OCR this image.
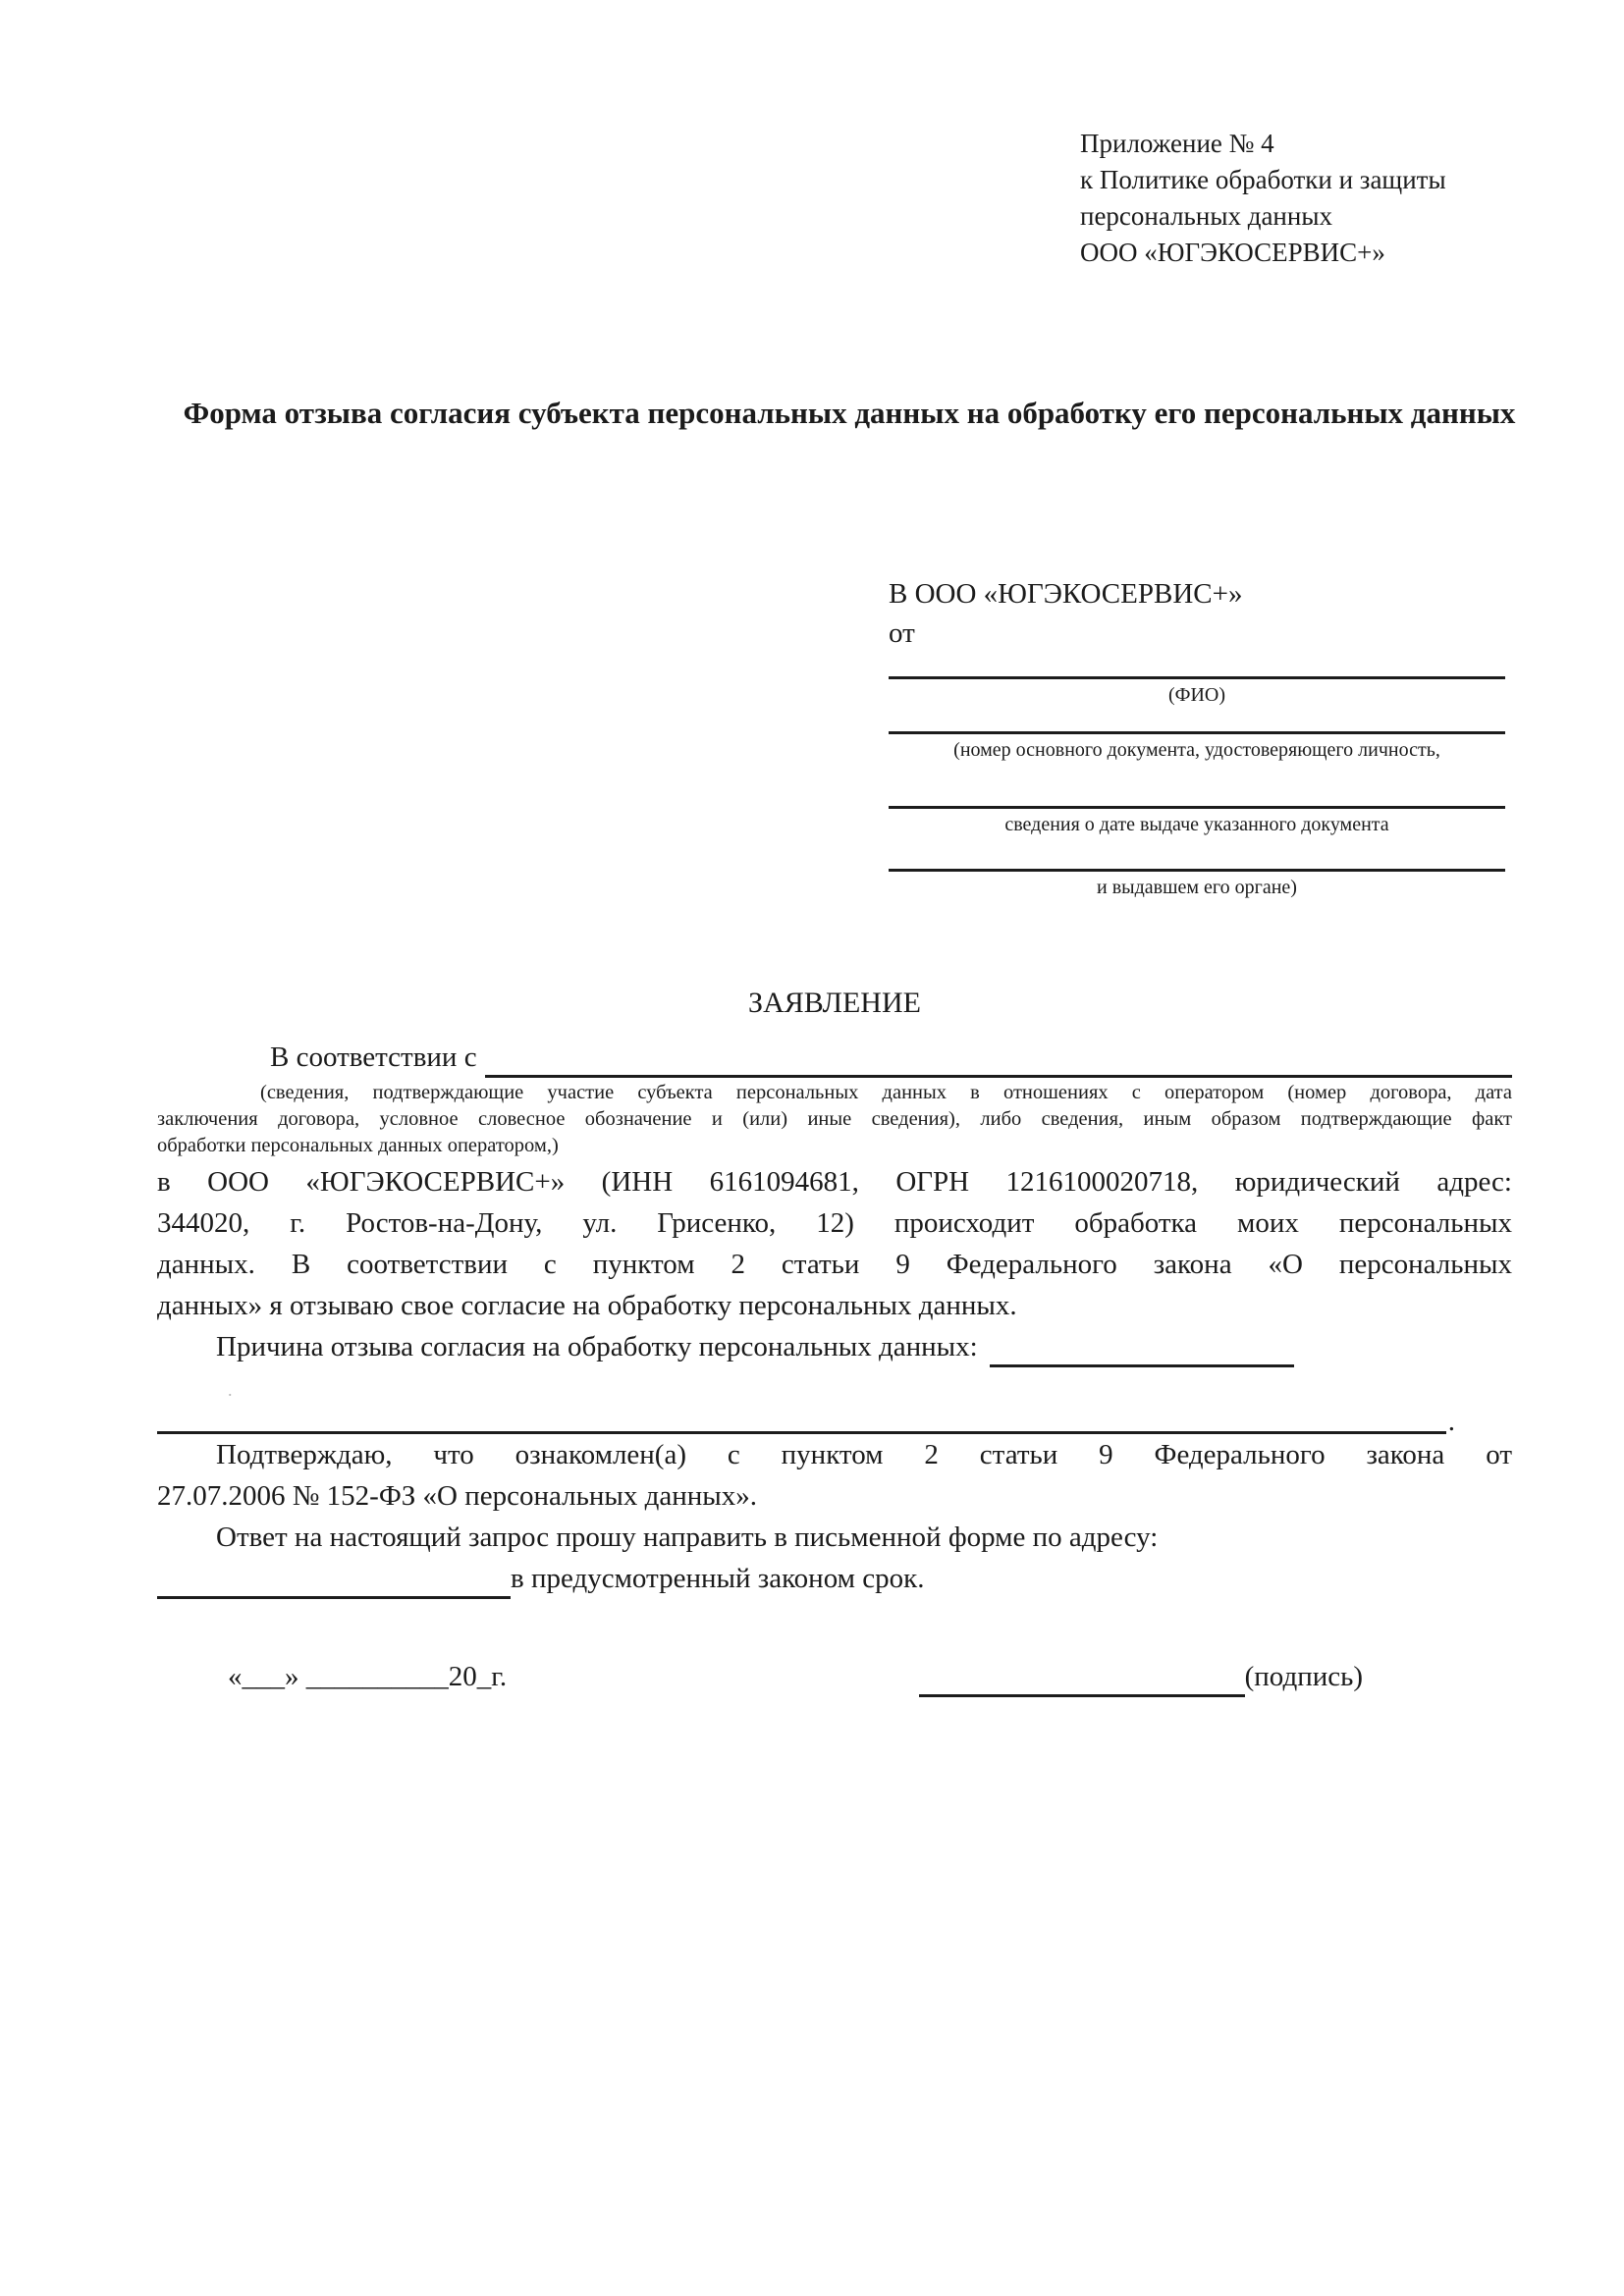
Приложение № 4
к Политике обработки и защиты
персональных данных
ООО «ЮГЭКОСЕРВИС+»
Форма отзыва согласия субъекта персональных данных на обработку его персональных данных
В ООО «ЮГЭКОСЕРВИС+»
от
(ФИО)
(номер основного документа, удостоверяющего личность,
сведения о дате выдаче указанного документа
и выдавшем его органе)
ЗАЯВЛЕНИЕ
В соответствии с
(сведения, подтверждающие участие субъекта персональных данных в отношениях с оператором (номер договора, дата
заключения договора, условное словесное обозначение и (или) иные сведения), либо сведения, иным образом подтверждающие факт
обработки персональных данных оператором,)
в ООО «ЮГЭКОСЕРВИС+» (ИНН 6161094681, ОГРН 1216100020718, юридический адрес:
344020, г. Ростов-на-Дону, ул. Грисенко, 12) происходит обработка моих персональных
данных. В соответствии с пунктом 2 статьи 9 Федерального закона «О персональных
данных» я отзываю свое согласие на обработку персональных данных.
Причина отзыва согласия на обработку персональных данных:
.
.
Подтверждаю, что ознакомлен(а) с пунктом 2 статьи 9 Федерального закона от
27.07.2006 № 152-ФЗ «О персональных данных».
Ответ на настоящий запрос прошу направить в письменной форме по адресу:
в предусмотренный законом срок.
«___» __________20_г.	(подпись)
